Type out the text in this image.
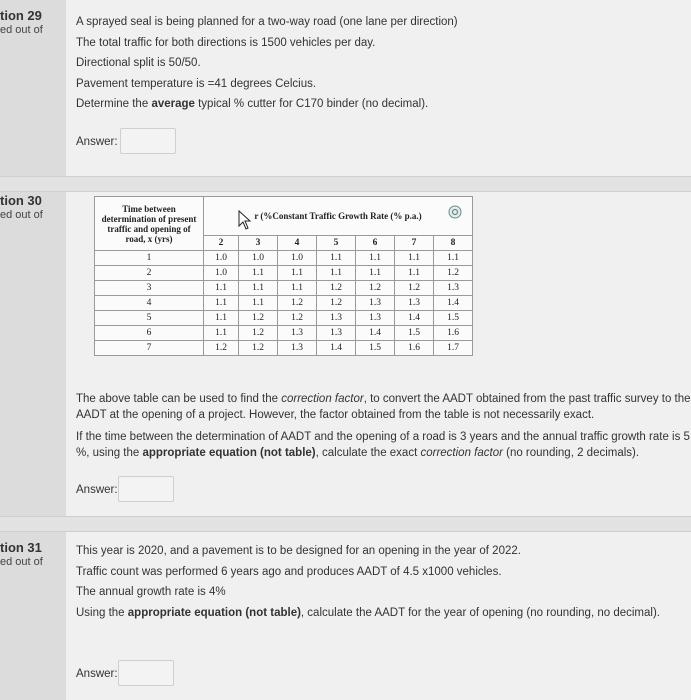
tion 29
ed out of
A sprayed seal is being planned for a two-way road (one lane per direction)
The total traffic for both directions is 1500 vehicles per day.
Directional split is 50/50.
Pavement temperature is =41 degrees Celcius.
Determine the average typical % cutter for C170 binder (no decimal).
Answer:
tion 30
ed out of
Time between determination of present traffic and opening of road, x (yrs)	r (%Constant Traffic Growth Rate (% p.a.)						
	2	3	4	5	6	7	8
1	1.0	1.0	1.0	1.1	1.1	1.1	1.1
2	1.0	1.1	1.1	1.1	1.1	1.1	1.2
3	1.1	1.1	1.1	1.2	1.2	1.2	1.3
4	1.1	1.1	1.2	1.2	1.3	1.3	1.4
5	1.1	1.2	1.2	1.3	1.3	1.4	1.5
6	1.1	1.2	1.3	1.3	1.4	1.5	1.6
7	1.2	1.2	1.3	1.4	1.5	1.6	1.7
The above table can be used to find the correction factor, to convert the AADT obtained from the past traffic survey to the
AADT at the opening of a project. However, the factor obtained from the table is not necessarily exact.
If the time between the determination of AADT and the opening of a road is 3 years and the annual traffic growth rate is 5
%, using the appropriate equation (not table), calculate the exact correction factor (no rounding, 2 decimals).
Answer:
tion 31
ed out of
This year is 2020, and a pavement is to be designed for an opening in the year of 2022.
Traffic count was performed 6 years ago and produces AADT of 4.5 x1000 vehicles.
The annual growth rate is 4%
Using the appropriate equation (not table), calculate the AADT for the year of opening (no rounding, no decimal).
Answer:
